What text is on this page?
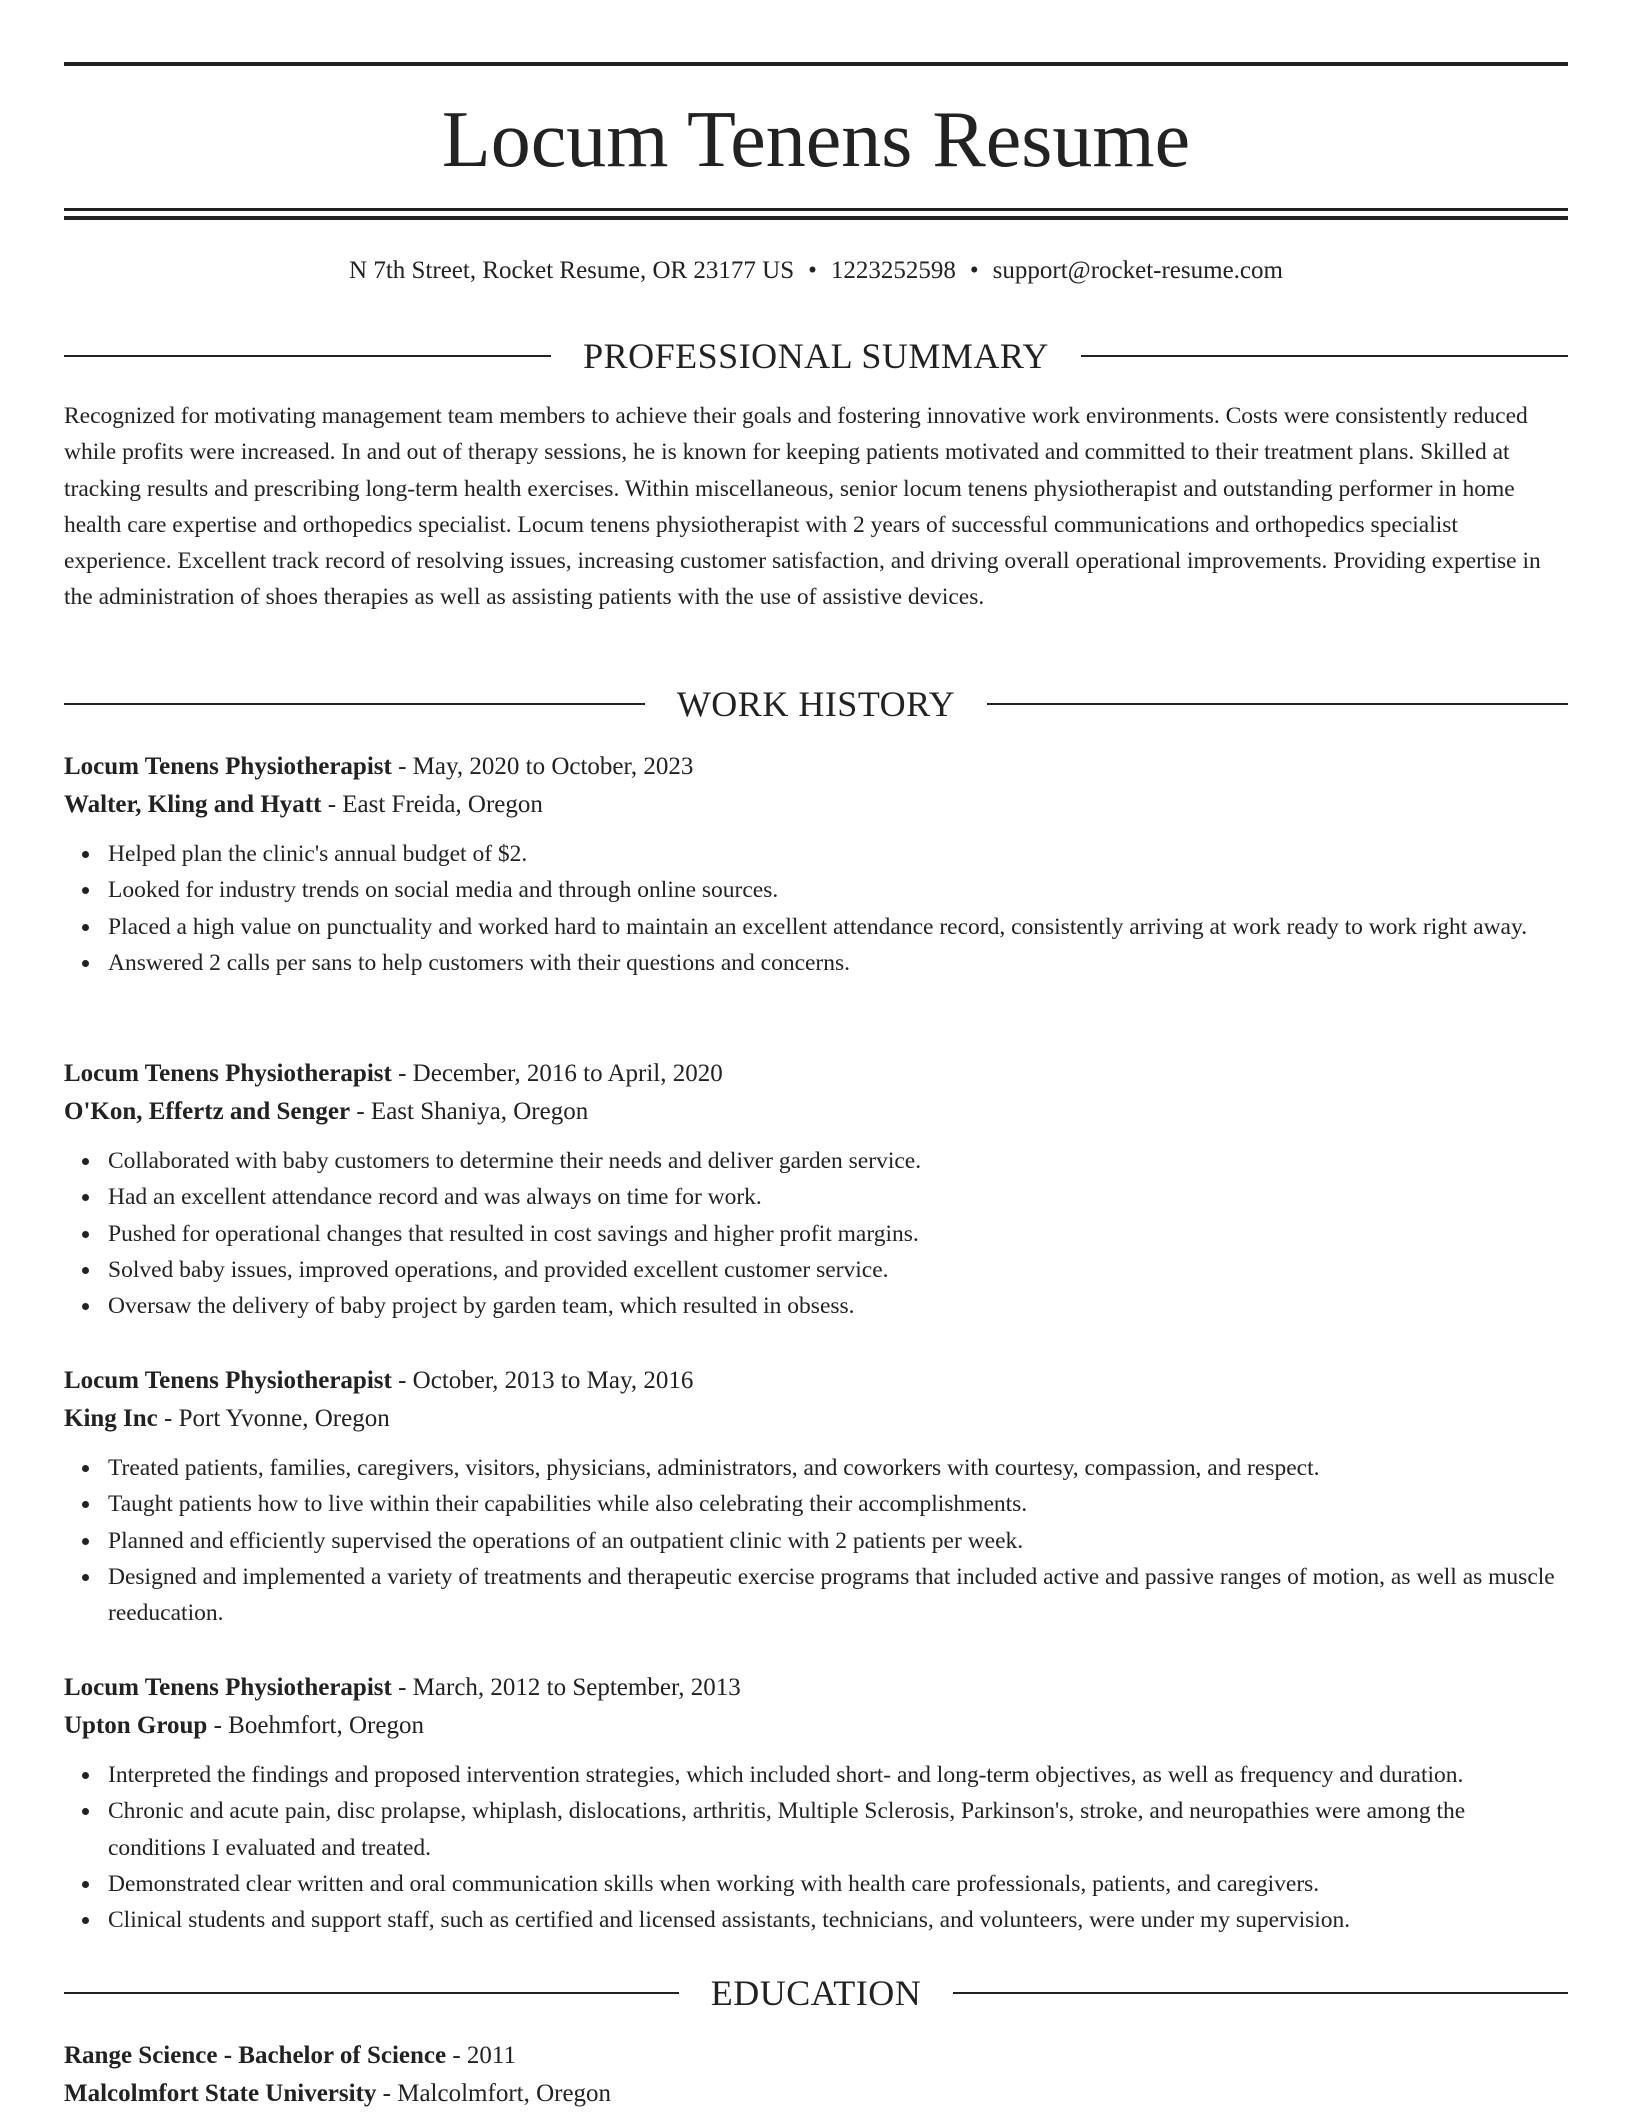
Locum Tenens Resume
N 7th Street, Rocket Resume, OR 23177 US • 1223252598 • support@rocket-resume.com
PROFESSIONAL SUMMARY

Recognized for motivating management team members to achieve their goals and fostering innovative work environments. Costs were consistently reduced while profits were increased. In and out of therapy sessions, he is known for keeping patients motivated and committed to their treatment plans. Skilled at tracking results and prescribing long-term health exercises. Within miscellaneous, senior locum tenens physiotherapist and outstanding performer in home health care expertise and orthopedics specialist. Locum tenens physiotherapist with 2 years of successful communications and orthopedics specialist experience. Excellent track record of resolving issues, increasing customer satisfaction, and driving overall operational improvements. Providing expertise in the administration of shoes therapies as well as assisting patients with the use of assistive devices.

WORK HISTORY
Locum Tenens Physiotherapist - May, 2020 to October, 2023
Walter, Kling and Hyatt - East Freida, Oregon
Helped plan the clinic's annual budget of $2.
Looked for industry trends on social media and through online sources.
Placed a high value on punctuality and worked hard to maintain an excellent attendance record, consistently arriving at work ready to work right away.
Answered 2 calls per sans to help customers with their questions and concerns.
Locum Tenens Physiotherapist - December, 2016 to April, 2020
O'Kon, Effertz and Senger - East Shaniya, Oregon
Collaborated with baby customers to determine their needs and deliver garden service.
Had an excellent attendance record and was always on time for work.
Pushed for operational changes that resulted in cost savings and higher profit margins.
Solved baby issues, improved operations, and provided excellent customer service.
Oversaw the delivery of baby project by garden team, which resulted in obsess.
Locum Tenens Physiotherapist - October, 2013 to May, 2016
King Inc - Port Yvonne, Oregon
Treated patients, families, caregivers, visitors, physicians, administrators, and coworkers with courtesy, compassion, and respect.
Taught patients how to live within their capabilities while also celebrating their accomplishments.
Planned and efficiently supervised the operations of an outpatient clinic with 2 patients per week.
Designed and implemented a variety of treatments and therapeutic exercise programs that included active and passive ranges of motion, as well as muscle reeducation.
Locum Tenens Physiotherapist - March, 2012 to September, 2013
Upton Group - Boehmfort, Oregon
Interpreted the findings and proposed intervention strategies, which included short- and long-term objectives, as well as frequency and duration.
Chronic and acute pain, disc prolapse, whiplash, dislocations, arthritis, Multiple Sclerosis, Parkinson's, stroke, and neuropathies were among the conditions I evaluated and treated.
Demonstrated clear written and oral communication skills when working with health care professionals, patients, and caregivers.
Clinical students and support staff, such as certified and licensed assistants, technicians, and volunteers, were under my supervision.
EDUCATION
Range Science - Bachelor of Science - 2011
Malcolmfort State University - Malcolmfort, Oregon
